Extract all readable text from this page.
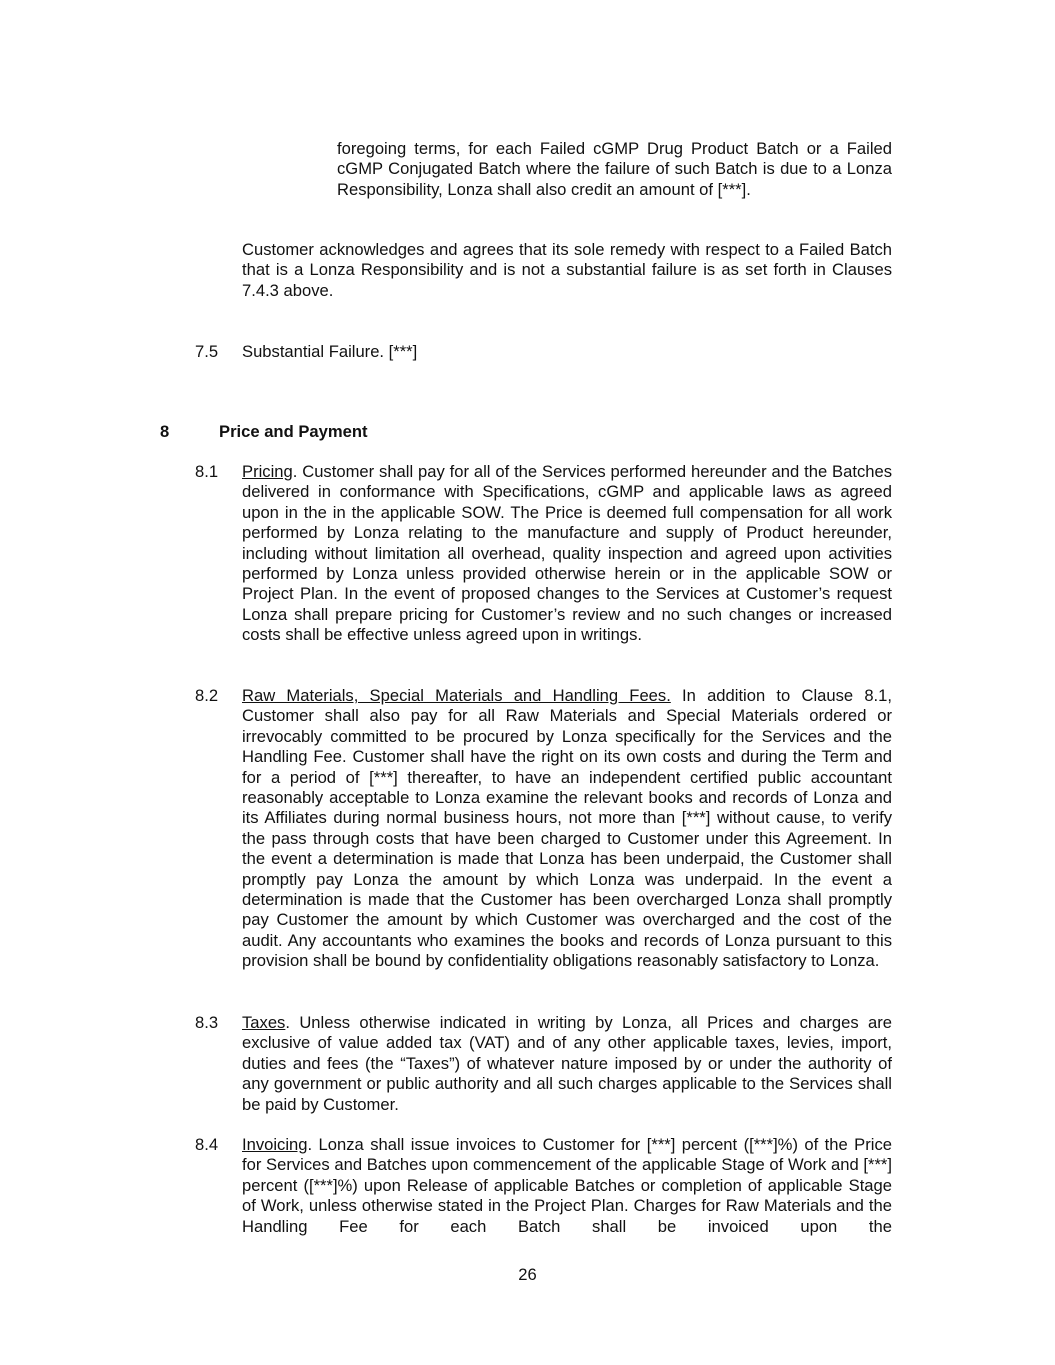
foregoing terms, for each Failed cGMP Drug Product Batch or a Failed cGMP Conjugated Batch where the failure of such Batch is due to a Lonza Responsibility, Lonza shall also credit an amount of [***].

Customer acknowledges and agrees that its sole remedy with respect to a Failed Batch that is a Lonza Responsibility and is not a substantial failure is as set forth in Clauses 7.4.3 above.

7.5 Substantial Failure. [***]

8	Price and Payment

8.1 Pricing. Customer shall pay for all of the Services performed hereunder and the Batches delivered in conformance with Specifications, cGMP and applicable laws as agreed upon in the in the applicable SOW. The Price is deemed full compensation for all work performed by Lonza relating to the manufacture and supply of Product hereunder, including without limitation all overhead, quality inspection and agreed upon activities performed by Lonza unless provided otherwise herein or in the applicable SOW or Project Plan. In the event of proposed changes to the Services at Customer’s request Lonza shall prepare pricing for Customer’s review and no such changes or increased costs shall be effective unless agreed upon in writings.

8.2 Raw Materials, Special Materials and Handling Fees. In addition to Clause 8.1, Customer shall also pay for all Raw Materials and Special Materials ordered or irrevocably committed to be procured by Lonza specifically for the Services and the Handling Fee. Customer shall have the right on its own costs and during the Term and for a period of [***] thereafter, to have an independent certified public accountant reasonably acceptable to Lonza examine the relevant books and records of Lonza and its Affiliates during normal business hours, not more than [***] without cause, to verify the pass through costs that have been charged to Customer under this Agreement. In the event a determination is made that Lonza has been underpaid, the Customer shall promptly pay Lonza the amount by which Lonza was underpaid. In the event a determination is made that the Customer has been overcharged Lonza shall promptly pay Customer the amount by which Customer was overcharged and the cost of the audit. Any accountants who examines the books and records of Lonza pursuant to this provision shall be bound by confidentiality obligations reasonably satisfactory to Lonza.

8.3 Taxes. Unless otherwise indicated in writing by Lonza, all Prices and charges are exclusive of value added tax (VAT) and of any other applicable taxes, levies, import, duties and fees (the “Taxes”) of whatever nature imposed by or under the authority of any government or public authority and all such charges applicable to the Services shall be paid by Customer.

8.4 Invoicing. Lonza shall issue invoices to Customer for [***] percent ([***]%) of the Price for Services and Batches upon commencement of the applicable Stage of Work and [***] percent ([***]%) upon Release of applicable Batches or completion of applicable Stage of Work, unless otherwise stated in the Project Plan. Charges for Raw Materials and the Handling Fee for each Batch shall be invoiced upon the

26
